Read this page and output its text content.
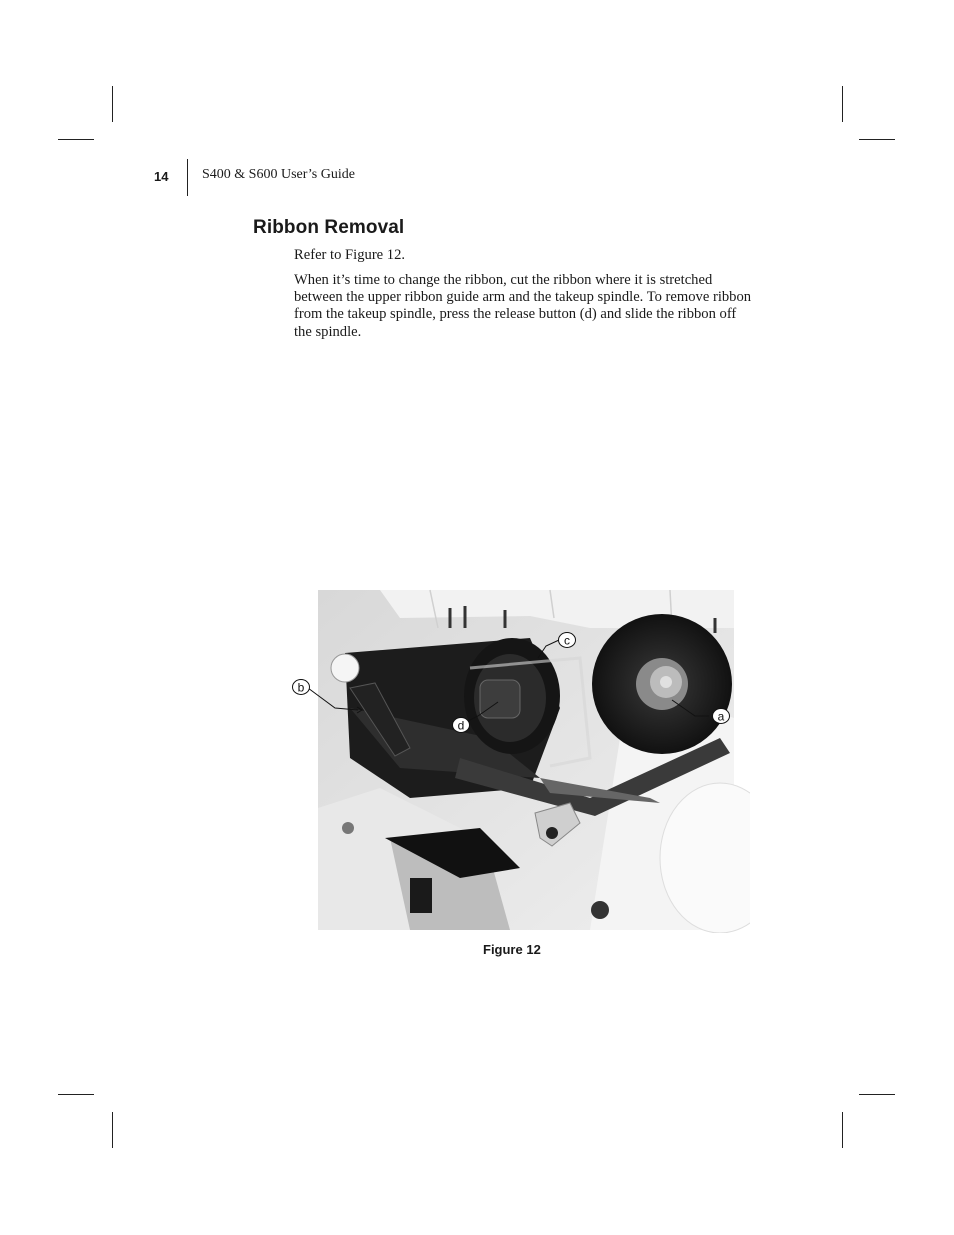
14 S400 & S600 User’s Guide
Ribbon Removal

Refer to Figure 12.

When it’s time to change the ribbon, cut the ribbon where it is stretched between the upper ribbon guide arm and the takeup spindle. To remove ribbon from the takeup spindle, press the release button (d) and slide the ribbon off the spindle.

b
d
c
a
Figure 12
